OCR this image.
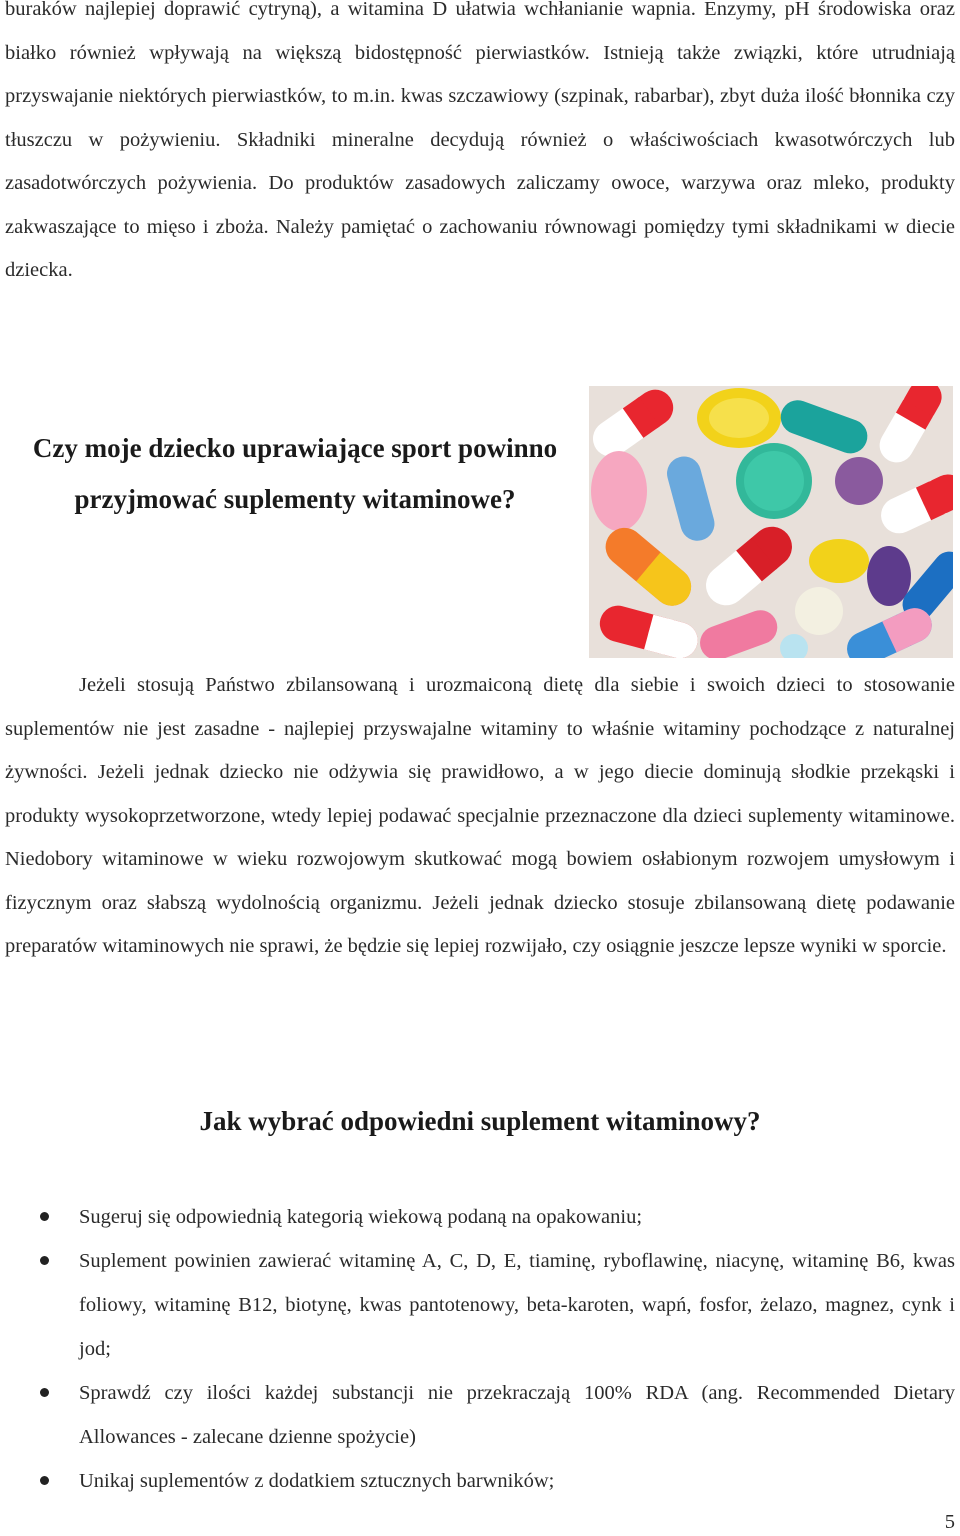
buraków najlepiej doprawić cytryną), a witamina D ułatwia wchłanianie wapnia. Enzymy, pH środowiska oraz białko również wpływają na większą bidostępność pierwiastków. Istnieją także związki, które utrudniają przyswajanie niektórych pierwiastków, to m.in. kwas szczawiowy (szpinak, rabarbar), zbyt duża ilość błonnika czy tłuszczu w pożywieniu. Składniki mineralne decydują również o właściwościach kwasotwórczych lub zasadotwórczych pożywienia. Do produktów zasadowych zaliczamy owoce, warzywa oraz mleko, produkty zakwaszające to mięso i zboża. Należy pamiętać o zachowaniu równowagi pomiędzy tymi składnikami w diecie dziecka.

Czy moje dziecko uprawiające sport powinno przyjmować suplementy witaminowe?

Jeżeli stosują Państwo zbilansowaną i urozmaiconą dietę dla siebie i swoich dzieci to stosowanie suplementów nie jest zasadne - najlepiej przyswajalne witaminy to właśnie witaminy pochodzące z naturalnej żywności. Jeżeli jednak dziecko nie odżywia się prawidłowo, a w jego diecie dominują słodkie przekąski i produkty wysokoprzetworzone, wtedy lepiej podawać specjalnie przeznaczone dla dzieci suplementy witaminowe. Niedobory witaminowe w wieku rozwojowym skutkować mogą bowiem osłabionym rozwojem umysłowym i fizycznym oraz słabszą wydolnością organizmu. Jeżeli jednak dziecko stosuje zbilansowaną dietę podawanie preparatów witaminowych nie sprawi, że będzie się lepiej rozwijało, czy osiągnie jeszcze lepsze wyniki w sporcie.

Jak wybrać odpowiedni suplement witaminowy?
Sugeruj się odpowiednią kategorią wiekową podaną na opakowaniu;
Suplement powinien zawierać witaminę A, C, D, E, tiaminę, ryboflawinę, niacynę, witaminę B6, kwas foliowy, witaminę B12, biotynę, kwas pantotenowy, beta-karoten, wapń, fosfor, żelazo, magnez, cynk i jod;
Sprawdź czy ilości każdej substancji nie przekraczają 100% RDA (ang. Recommended Dietary Allowances - zalecane dzienne spożycie)
Unikaj suplementów z dodatkiem sztucznych barwników;

5
